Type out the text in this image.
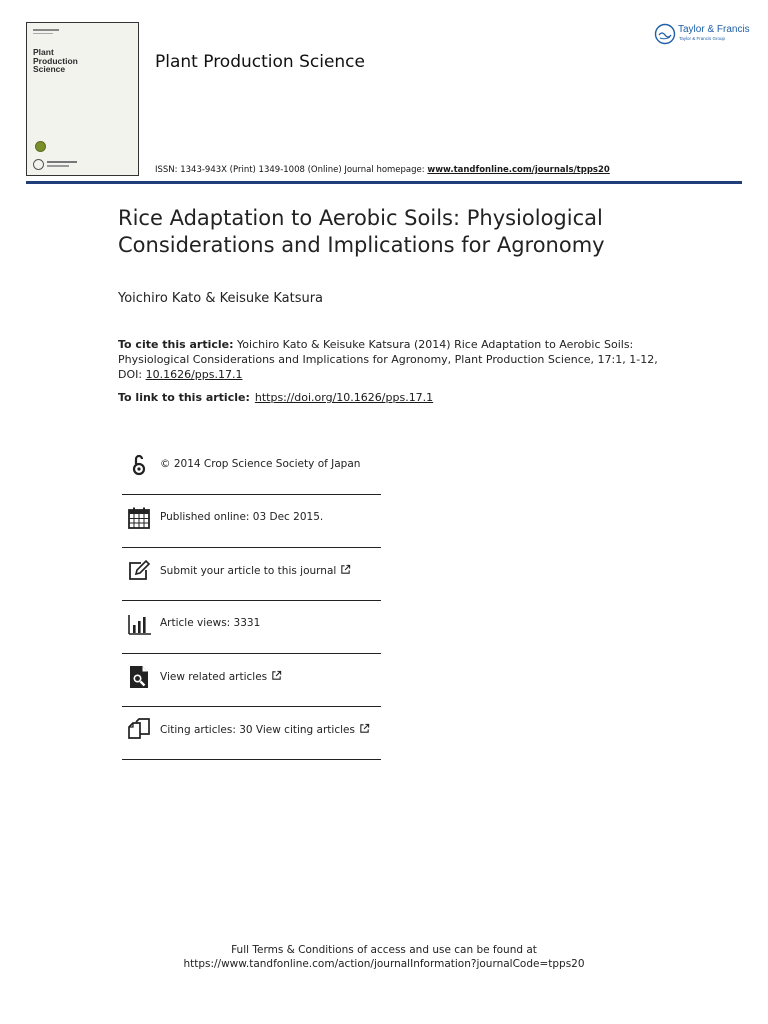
Plant
Production
Science	Plant Production Science
Taylor & Francis
Taylor & Francis Group
ISSN: 1343-943X (Print) 1349-1008 (Online) Journal homepage: www.tandfonline.com/journals/tpps20
Rice Adaptation to Aerobic Soils: Physiological Considerations and Implications for Agronomy
Yoichiro Kato & Keisuke Katsura
To cite this article: Yoichiro Kato & Keisuke Katsura (2014) Rice Adaptation to Aerobic Soils: Physiological Considerations and Implications for Agronomy, Plant Production Science, 17:1, 1-12, DOI: 10.1626/pps.17.1
To link to this article: https://doi.org/10.1626/pps.17.1
© 2014 Crop Science Society of Japan
Published online: 03 Dec 2015.
Submit your article to this journal
Article views: 3331
View related articles
Citing articles: 30 View citing articles
Full Terms & Conditions of access and use can be found at
https://www.tandfonline.com/action/journalInformation?journalCode=tpps20
